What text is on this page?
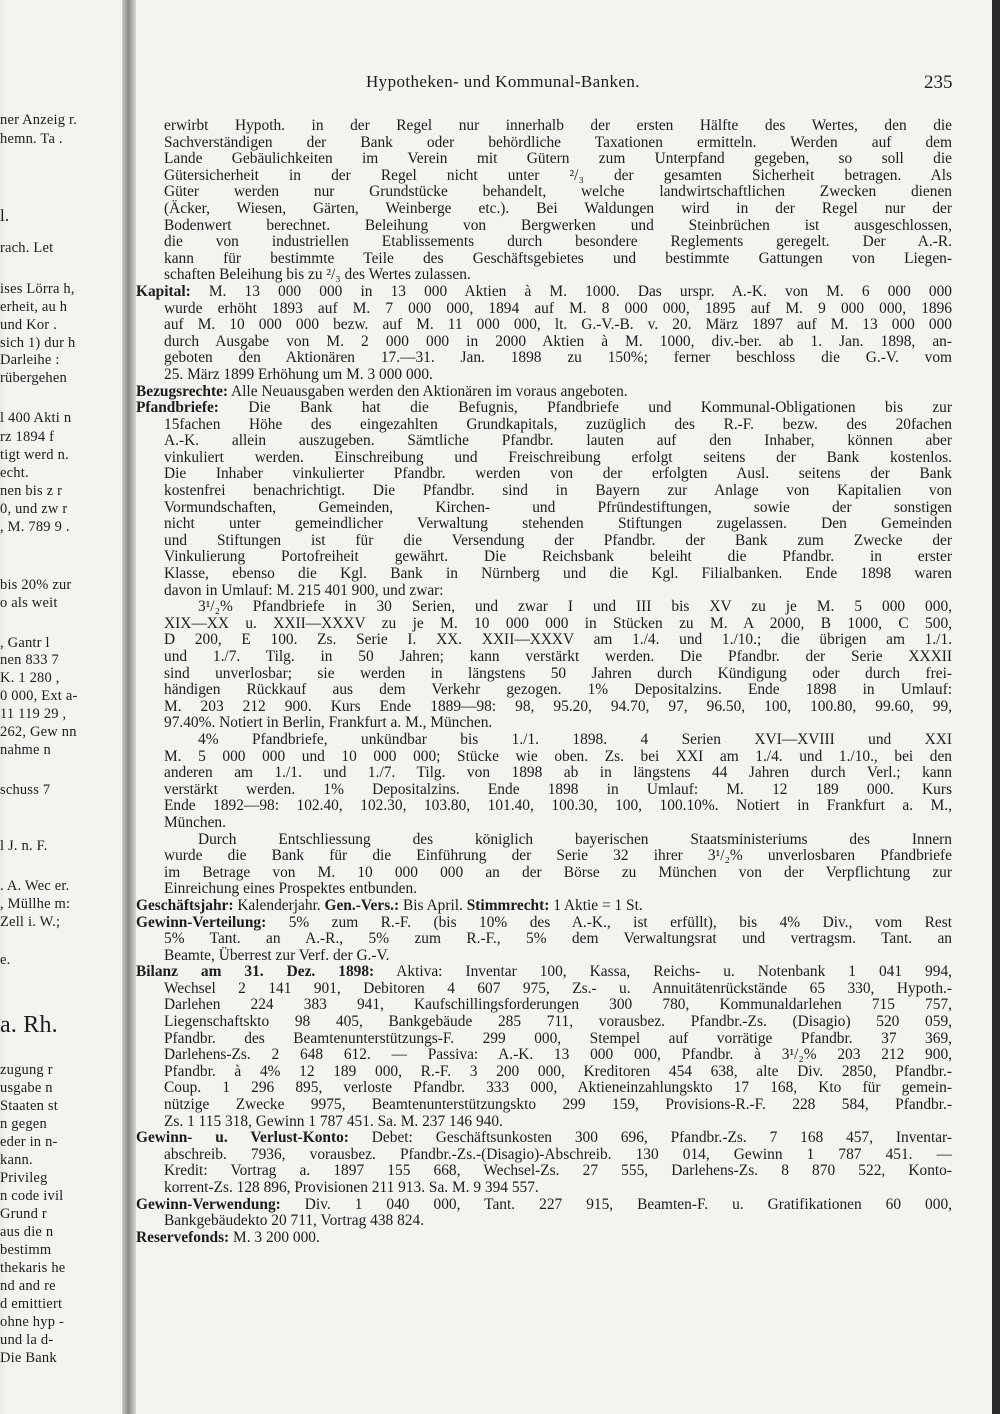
ner Anzeig r.
hemn. Ta .
l.
rach. Let
ises Lörra h,
erheit, au h
und Kor .
sich 1) dur h
Darleihe :
rübergehen
l 400 Akti n
rz 1894 f
tigt werd n.
echt.
nen bis z r
0, und zw r
, M. 789 9 .
bis 20% zur
o als weit
, Gantr l
nen 833 7
K. 1 280 ,
0 000, Ext a-
11 119 29 ,
262, Gew nn
nahme n
schuss 7
l J. n. F.
. A. Wec er.
, Müllhe m:
Zell i. W.;
e.
a. Rh.
zugung r
usgabe n
Staaten st
n gegen
eder in n-
kann.
Privileg
n code ivil
Grund r
aus die n
bestimm
thekaris he
nd and re
d emittiert
ohne hyp -
und la d-
Die Bank
Hypotheken- und Kommunal-Banken.	235
erwirbt Hypoth. in der Regel nur innerhalb der ersten Hälfte des Wertes, den die
Sachverständigen der Bank oder behördliche Taxationen ermitteln. Werden auf dem
Lande Gebäulichkeiten im Verein mit Gütern zum Unterpfand gegeben, so soll die
Gütersicherheit in der Regel nicht unter ²/₃ der gesamten Sicherheit betragen. Als
Güter werden nur Grundstücke behandelt, welche landwirtschaftlichen Zwecken dienen
(Äcker, Wiesen, Gärten, Weinberge etc.). Bei Waldungen wird in der Regel nur der
Bodenwert berechnet. Beleihung von Bergwerken und Steinbrüchen ist ausgeschlossen,
die von industriellen Etablissements durch besondere Reglements geregelt. Der A.-R.
kann für bestimmte Teile des Geschäftsgebietes und bestimmte Gattungen von Liegen-
schaften Beleihung bis zu ²/₃ des Wertes zulassen.
Kapital: M. 13 000 000 in 13 000 Aktien à M. 1000. Das urspr. A.-K. von M. 6 000 000
wurde erhöht 1893 auf M. 7 000 000, 1894 auf M. 8 000 000, 1895 auf M. 9 000 000, 1896
auf M. 10 000 000 bezw. auf M. 11 000 000, lt. G.-V.-B. v. 20. März 1897 auf M. 13 000 000
durch Ausgabe von M. 2 000 000 in 2000 Aktien à M. 1000, div.-ber. ab 1. Jan. 1898, an-
geboten den Aktionären 17.—31. Jan. 1898 zu 150%; ferner beschloss die G.-V. vom
25. März 1899 Erhöhung um M. 3 000 000.
Bezugsrechte: Alle Neuausgaben werden den Aktionären im voraus angeboten.
Pfandbriefe: Die Bank hat die Befugnis, Pfandbriefe und Kommunal-Obligationen bis zur
15fachen Höhe des eingezahlten Grundkapitals, zuzüglich des R.-F. bezw. des 20fachen
A.-K. allein auszugeben. Sämtliche Pfandbr. lauten auf den Inhaber, können aber
vinkuliert werden. Einschreibung und Freischreibung erfolgt seitens der Bank kostenlos.
Die Inhaber vinkulierter Pfandbr. werden von der erfolgten Ausl. seitens der Bank
kostenfrei benachrichtigt. Die Pfandbr. sind in Bayern zur Anlage von Kapitalien von
Vormundschaften, Gemeinden, Kirchen- und Pfründestiftungen, sowie der sonstigen
nicht unter gemeindlicher Verwaltung stehenden Stiftungen zugelassen. Den Gemeinden
und Stiftungen ist für die Versendung der Pfandbr. der Bank zum Zwecke der
Vinkulierung Portofreiheit gewährt. Die Reichsbank beleiht die Pfandbr. in erster
Klasse, ebenso die Kgl. Bank in Nürnberg und die Kgl. Filialbanken. Ende 1898 waren
davon in Umlauf: M. 215 401 900, und zwar:
3¹/₂% Pfandbriefe in 30 Serien, und zwar I und III bis XV zu je M. 5 000 000,
XIX—XX u. XXII—XXXV zu je M. 10 000 000 in Stücken zu M. A 2000, B 1000, C 500,
D 200, E 100. Zs. Serie I. XX. XXII—XXXV am 1./4. und 1./10.; die übrigen am 1./1.
und 1./7. Tilg. in 50 Jahren; kann verstärkt werden. Die Pfandbr. der Serie XXXII
sind unverlosbar; sie werden in längstens 50 Jahren durch Kündigung oder durch frei-
händigen Rückkauf aus dem Verkehr gezogen. 1% Depositalzins. Ende 1898 in Umlauf:
M. 203 212 900. Kurs Ende 1889—98: 98, 95.20, 94.70, 97, 96.50, 100, 100.80, 99.60, 99,
97.40%. Notiert in Berlin, Frankfurt a. M., München.
4% Pfandbriefe, unkündbar bis 1./1. 1898. 4 Serien XVI—XVIII und XXI
M. 5 000 000 und 10 000 000; Stücke wie oben. Zs. bei XXI am 1./4. und 1./10., bei den
anderen am 1./1. und 1./7. Tilg. von 1898 ab in längstens 44 Jahren durch Verl.; kann
verstärkt werden. 1% Depositalzins. Ende 1898 in Umlauf: M. 12 189 000. Kurs
Ende 1892—98: 102.40, 102.30, 103.80, 101.40, 100.30, 100, 100.10%. Notiert in Frankfurt a. M.,
München.
Durch Entschliessung des königlich bayerischen Staatsministeriums des Innern
wurde die Bank für die Einführung der Serie 32 ihrer 3¹/₂% unverlosbaren Pfandbriefe
im Betrage von M. 10 000 000 an der Börse zu München von der Verpflichtung zur
Einreichung eines Prospektes entbunden.
Geschäftsjahr: Kalenderjahr. Gen.-Vers.: Bis April. Stimmrecht: 1 Aktie = 1 St.
Gewinn-Verteilung: 5% zum R.-F. (bis 10% des A.-K., ist erfüllt), bis 4% Div., vom Rest
5% Tant. an A.-R., 5% zum R.-F., 5% dem Verwaltungsrat und vertragsm. Tant. an
Beamte, Überrest zur Verf. der G.-V.
Bilanz am 31. Dez. 1898: Aktiva: Inventar 100, Kassa, Reichs- u. Notenbank 1 041 994,
Wechsel 2 141 901, Debitoren 4 607 975, Zs.- u. Annuitätenrückstände 65 330, Hypoth.-
Darlehen 224 383 941, Kaufschillingsforderungen 300 780, Kommunaldarlehen 715 757,
Liegenschaftskto 98 405, Bankgebäude 285 711, vorausbez. Pfandbr.-Zs. (Disagio) 520 059,
Pfandbr. des Beamtenunterstützungs-F. 299 000, Stempel auf vorrätige Pfandbr. 37 369,
Darlehens-Zs. 2 648 612. — Passiva: A.-K. 13 000 000, Pfandbr. à 3¹/₂% 203 212 900,
Pfandbr. à 4% 12 189 000, R.-F. 3 200 000, Kreditoren 454 638, alte Div. 2850, Pfandbr.-
Coup. 1 296 895, verloste Pfandbr. 333 000, Aktieneinzahlungskto 17 168, Kto für gemein-
nützige Zwecke 9975, Beamtenunterstützungskto 299 159, Provisions-R.-F. 228 584, Pfandbr.-
Zs. 1 115 318, Gewinn 1 787 451. Sa. M. 237 146 940.
Gewinn- u. Verlust-Konto: Debet: Geschäftsunkosten 300 696, Pfandbr.-Zs. 7 168 457, Inventar-
abschreib. 7936, vorausbez. Pfandbr.-Zs.-(Disagio)-Abschreib. 130 014, Gewinn 1 787 451. —
Kredit: Vortrag a. 1897 155 668, Wechsel-Zs. 27 555, Darlehens-Zs. 8 870 522, Konto-
korrent-Zs. 128 896, Provisionen 211 913. Sa. M. 9 394 557.
Gewinn-Verwendung: Div. 1 040 000, Tant. 227 915, Beamten-F. u. Gratifikationen 60 000,
Bankgebäudekto 20 711, Vortrag 438 824.
Reservefonds: M. 3 200 000.
